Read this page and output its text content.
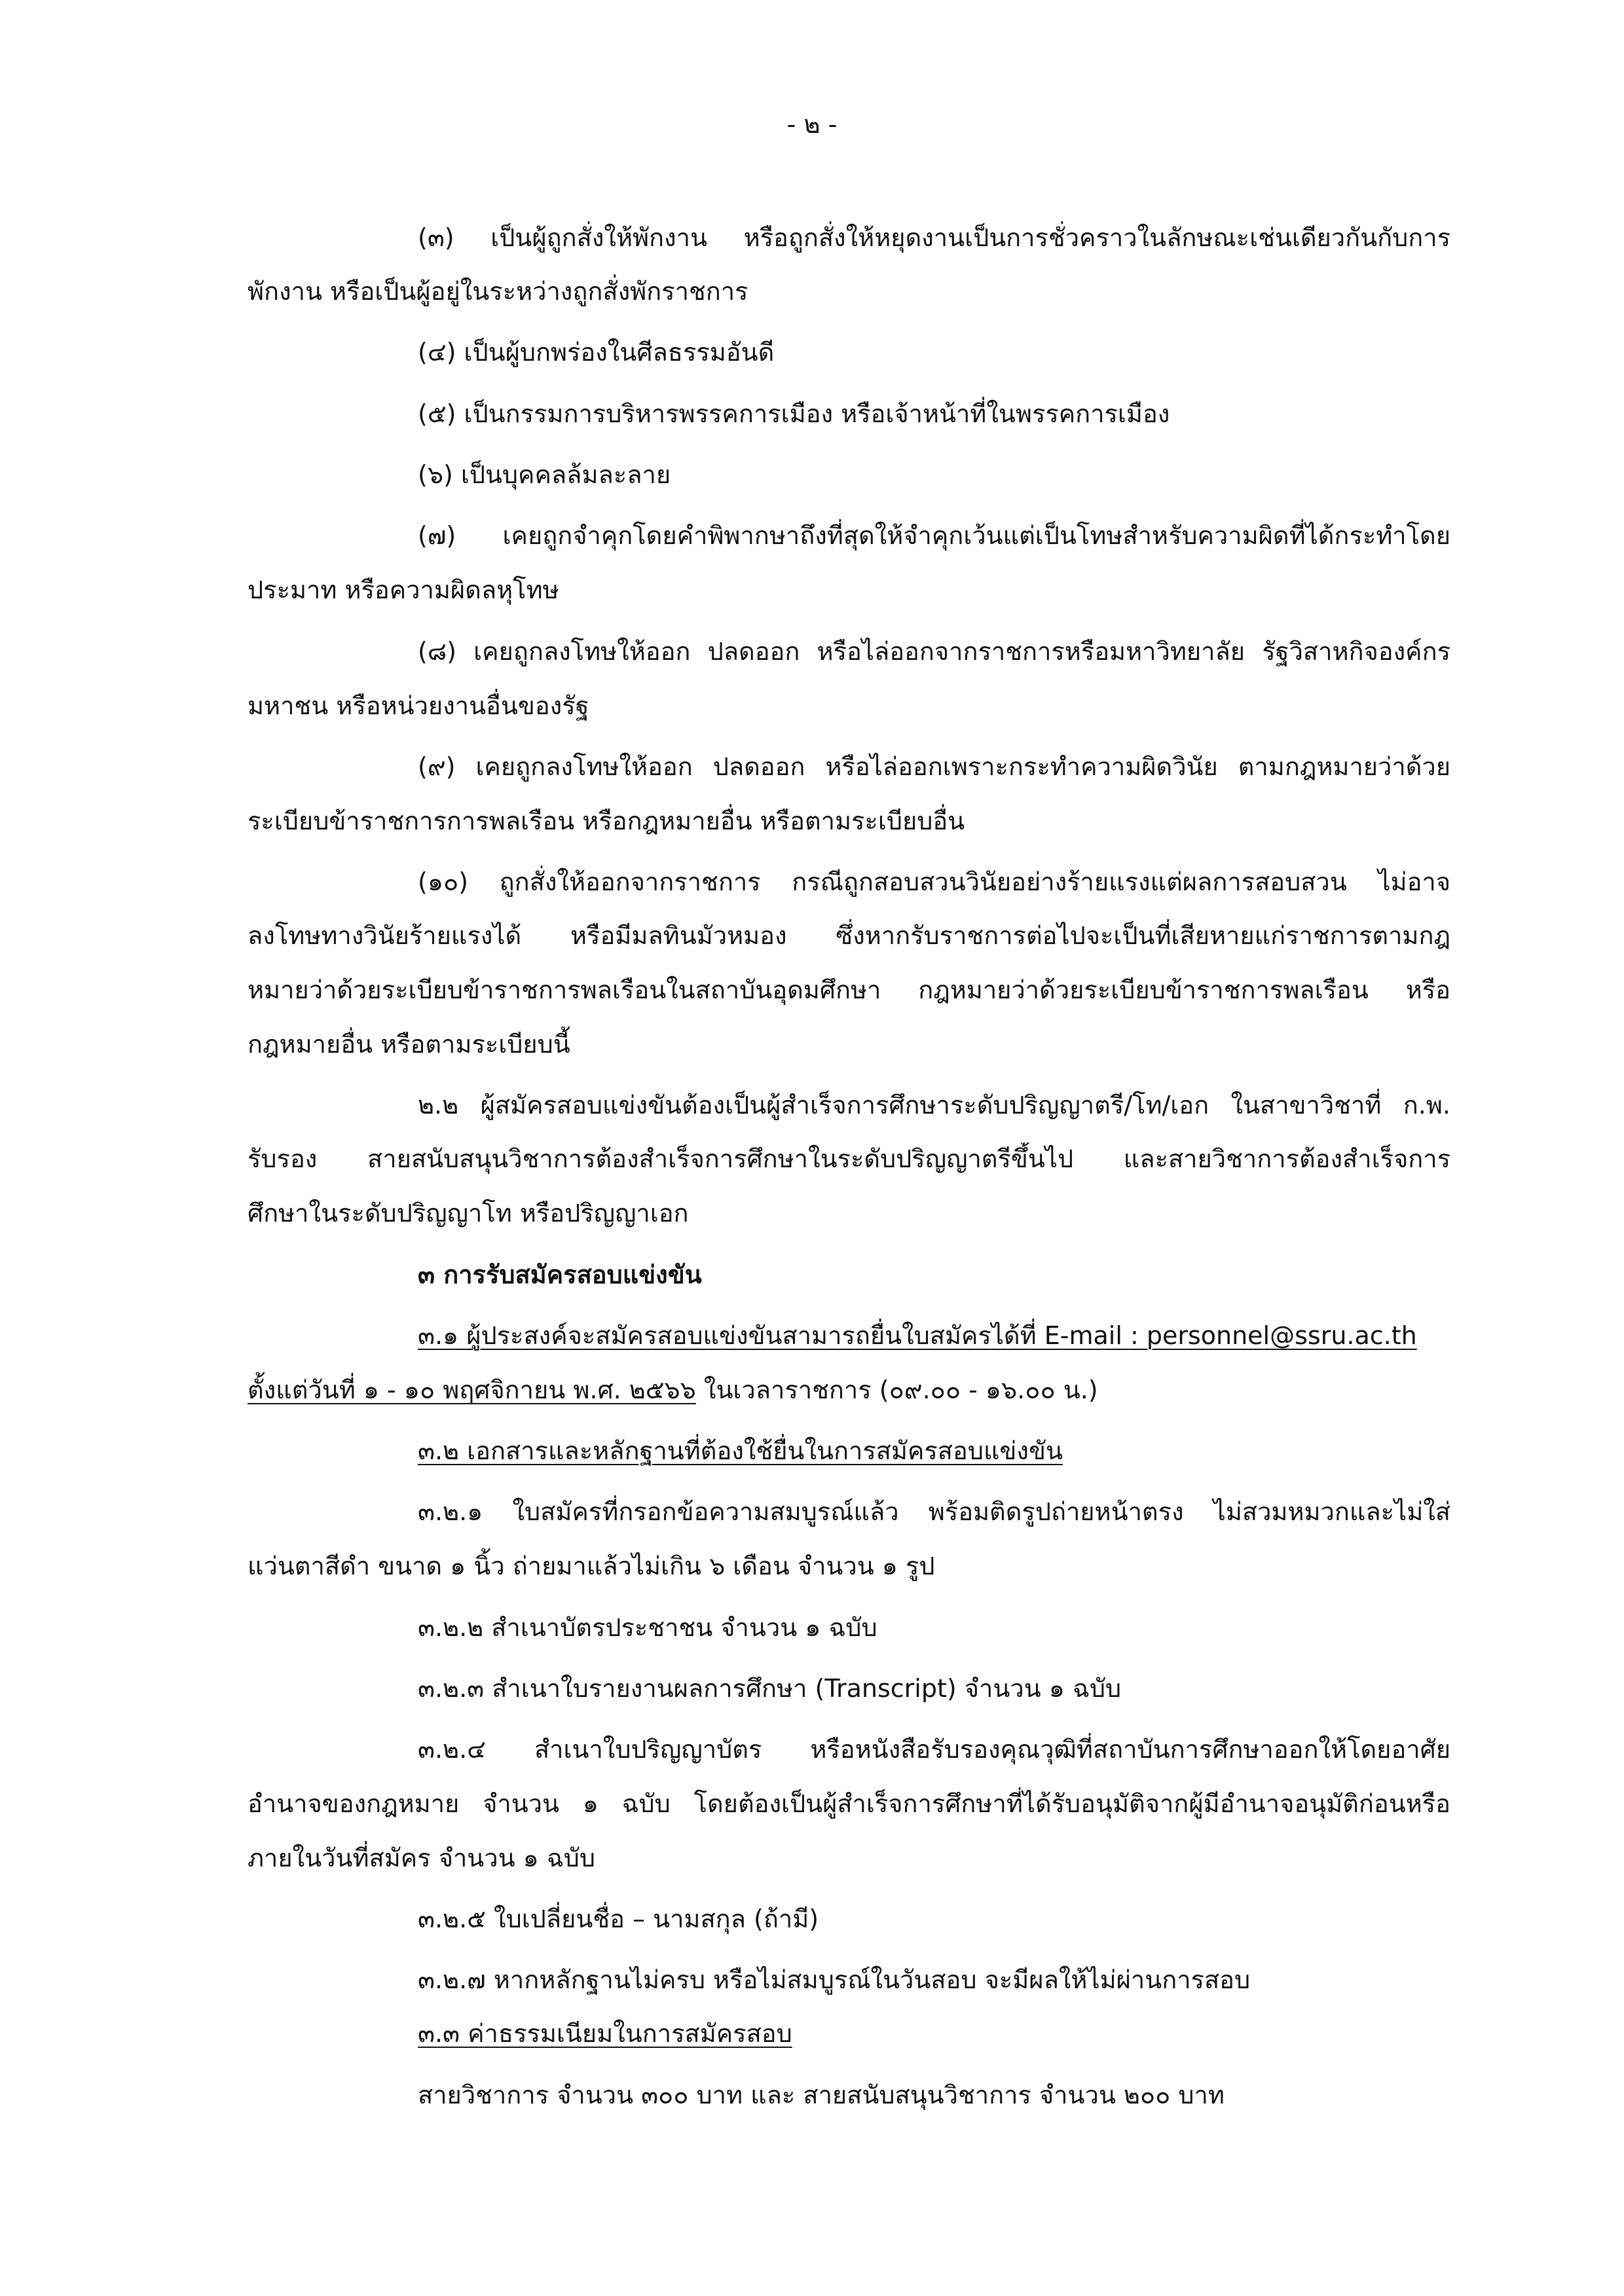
- ๒ -
(๓) เป็นผู้ถูกสั่งให้พักงาน หรือถูกสั่งให้หยุดงานเป็นการชั่วคราวในลักษณะเช่นเดียวกันกับการ
พักงาน หรือเป็นผู้อยู่ในระหว่างถูกสั่งพักราชการ
(๔) เป็นผู้บกพร่องในศีลธรรมอันดี
(๕) เป็นกรรมการบริหารพรรคการเมือง หรือเจ้าหน้าที่ในพรรคการเมือง
(๖) เป็นบุคคลล้มละลาย
(๗) เคยถูกจำคุกโดยคำพิพากษาถึงที่สุดให้จำคุกเว้นแต่เป็นโทษสำหรับความผิดที่ได้กระทำโดย
ประมาท หรือความผิดลหุโทษ
(๘) เคยถูกลงโทษให้ออก ปลดออก หรือไล่ออกจากราชการหรือมหาวิทยาลัย รัฐวิสาหกิจองค์กร
มหาชน หรือหน่วยงานอื่นของรัฐ
(๙) เคยถูกลงโทษให้ออก ปลดออก หรือไล่ออกเพราะกระทำความผิดวินัย ตามกฎหมายว่าด้วย
ระเบียบข้าราชการการพลเรือน หรือกฎหมายอื่น หรือตามระเบียบอื่น
(๑๐) ถูกสั่งให้ออกจากราชการ กรณีถูกสอบสวนวินัยอย่างร้ายแรงแต่ผลการสอบสวน ไม่อาจ
ลงโทษทางวินัยร้ายแรงได้ หรือมีมลทินมัวหมอง ซึ่งหากรับราชการต่อไปจะเป็นที่เสียหายแก่ราชการตามกฎ
หมายว่าด้วยระเบียบข้าราชการพลเรือนในสถาบันอุดมศึกษา กฎหมายว่าด้วยระเบียบข้าราชการพลเรือน หรือ
กฎหมายอื่น หรือตามระเบียบนี้
๒.๒ ผู้สมัครสอบแข่งขันต้องเป็นผู้สำเร็จการศึกษาระดับปริญญาตรี/โท/เอก ในสาขาวิชาที่ ก.พ.
รับรอง สายสนับสนุนวิชาการต้องสำเร็จการศึกษาในระดับปริญญาตรีขึ้นไป และสายวิชาการต้องสำเร็จการ
ศึกษาในระดับปริญญาโท หรือปริญญาเอก
๓ การรับสมัครสอบแข่งขัน
๓.๑ ผู้ประสงค์จะสมัครสอบแข่งขันสามารถยื่นใบสมัครได้ที่ E-mail : personnel@ssru.ac.th
ตั้งแต่วันที่ ๑ - ๑๐ พฤศจิกายน พ.ศ. ๒๕๖๖ ในเวลาราชการ (๐๙.๐๐ - ๑๖.๐๐ น.)
๓.๒ เอกสารและหลักฐานที่ต้องใช้ยื่นในการสมัครสอบแข่งขัน
๓.๒.๑ ใบสมัครที่กรอกข้อความสมบูรณ์แล้ว พร้อมติดรูปถ่ายหน้าตรง ไม่สวมหมวกและไม่ใส่
แว่นตาสีดำ ขนาด ๑ นิ้ว ถ่ายมาแล้วไม่เกิน ๖ เดือน จำนวน ๑ รูป
๓.๒.๒ สำเนาบัตรประชาชน จำนวน ๑ ฉบับ
๓.๒.๓ สำเนาใบรายงานผลการศึกษา (Transcript) จำนวน ๑ ฉบับ
๓.๒.๔ สำเนาใบปริญญาบัตร หรือหนังสือรับรองคุณวุฒิที่สถาบันการศึกษาออกให้โดยอาศัย
อำนาจของกฎหมาย จำนวน ๑ ฉบับ โดยต้องเป็นผู้สำเร็จการศึกษาที่ได้รับอนุมัติจากผู้มีอำนาจอนุมัติก่อนหรือ
ภายในวันที่สมัคร จำนวน ๑ ฉบับ
๓.๒.๕ ใบเปลี่ยนชื่อ – นามสกุล (ถ้ามี)
๓.๒.๗ หากหลักฐานไม่ครบ หรือไม่สมบูรณ์ในวันสอบ จะมีผลให้ไม่ผ่านการสอบ
๓.๓ ค่าธรรมเนียมในการสมัครสอบ
สายวิชาการ จำนวน ๓๐๐ บาท และ สายสนับสนุนวิชาการ จำนวน ๒๐๐ บาท
